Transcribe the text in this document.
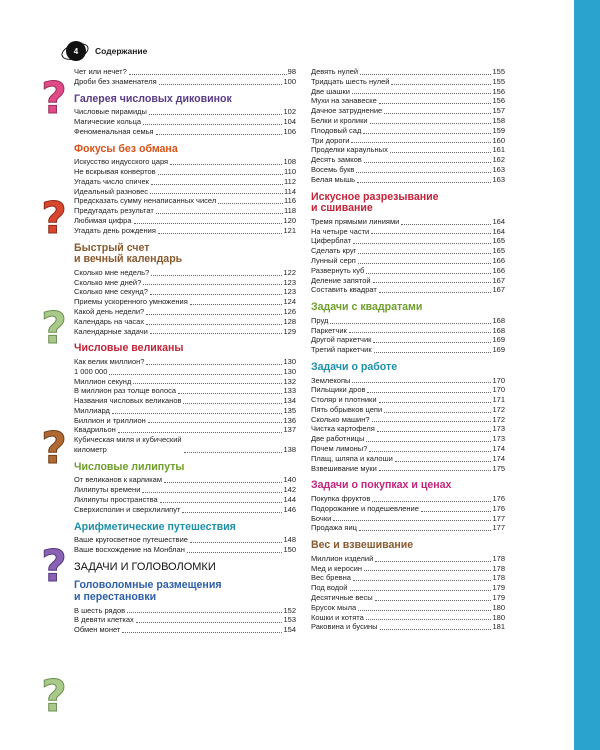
4 Содержание
?
?
?
?
?
?
Чет или нечет?	98
Дроби без знаменателя	100
Галерея числовых диковинок
Числовые пирамиды	102
Магические кольца	104
Феноменальная семья	106
Фокусы без обмана
Искусство индусского царя	108
Не вскрывая конвертов	110
Угадать число спичек	112
Идеальный разновес	114
Предсказать сумму ненаписанных чисел	116
Предугадать результат	118
Любимая цифра	120
Угадать день рождения	121
Быстрый счет
и вечный календарь
Сколько мне недель?	122
Сколько мне дней?	123
Сколько мне секунд?	123
Приемы ускоренного умножения	124
Какой день недели?	126
Календарь на часах	128
Календарные задачи	129
Числовые великаны
Как велик миллион?	130
1 000 000	130
Миллион секунд	132
В миллион раз толще волоса	133
Названия числовых великанов	134
Миллиард	135
Биллион и триллион	136
Квадрильон	137
Кубическая миля и кубический
километр	138
Числовые лилипуты
От великанов к карликам	140
Лилипуты времени	142
Лилипуты пространства	144
Сверхисполин и сверхлилипут	146
Арифметические путешествия
Ваше кругосветное путешествие	148
Ваше восхождение на Монблан	150
ЗАДАЧИ И ГОЛОВОЛОМКИ
Головоломные размещения
и перестановки
В шесть рядов	152
В девяти клетках	153
Обмен монет	154
Девять нулей	155
Тридцать шесть нулей	155
Две шашки	156
Мухи на занавеске	156
Дачное затруднение	157
Белки и кролики	158
Плодовый сад	159
Три дороги	160
Проделки караульных	161
Десять замков	162
Восемь букв	163
Белая мышь	163
Искусное разрезывание
и сшивание
Тремя прямыми линиями	164
На четыре части	164
Циферблат	165
Сделать круг	165
Лунный серп	166
Развернуть куб	166
Деление запятой	167
Составить квадрат	167
Задачи с квадратами
Пруд	168
Паркетчик	168
Другой паркетчик	169
Третий паркетчик	169
Задачи о работе
Землекопы	170
Пильщики дров	170
Столяр и плотники	171
Пять обрывков цепи	172
Сколько машин?	172
Чистка картофеля	173
Две работницы	173
Почем лимоны?	174
Плащ, шляпа и калоши	174
Взвешивание муки	175
Задачи о покупках и ценах
Покупка фруктов	176
Подорожание и подешевление	176
Бочки	177
Продажа яиц	177
Вес и взвешивание
Миллион изделий	178
Мед и керосин	178
Вес бревна	178
Под водой	179
Десятичные весы	179
Брусок мыла	180
Кошки и котята	180
Раковина и бусины	181
